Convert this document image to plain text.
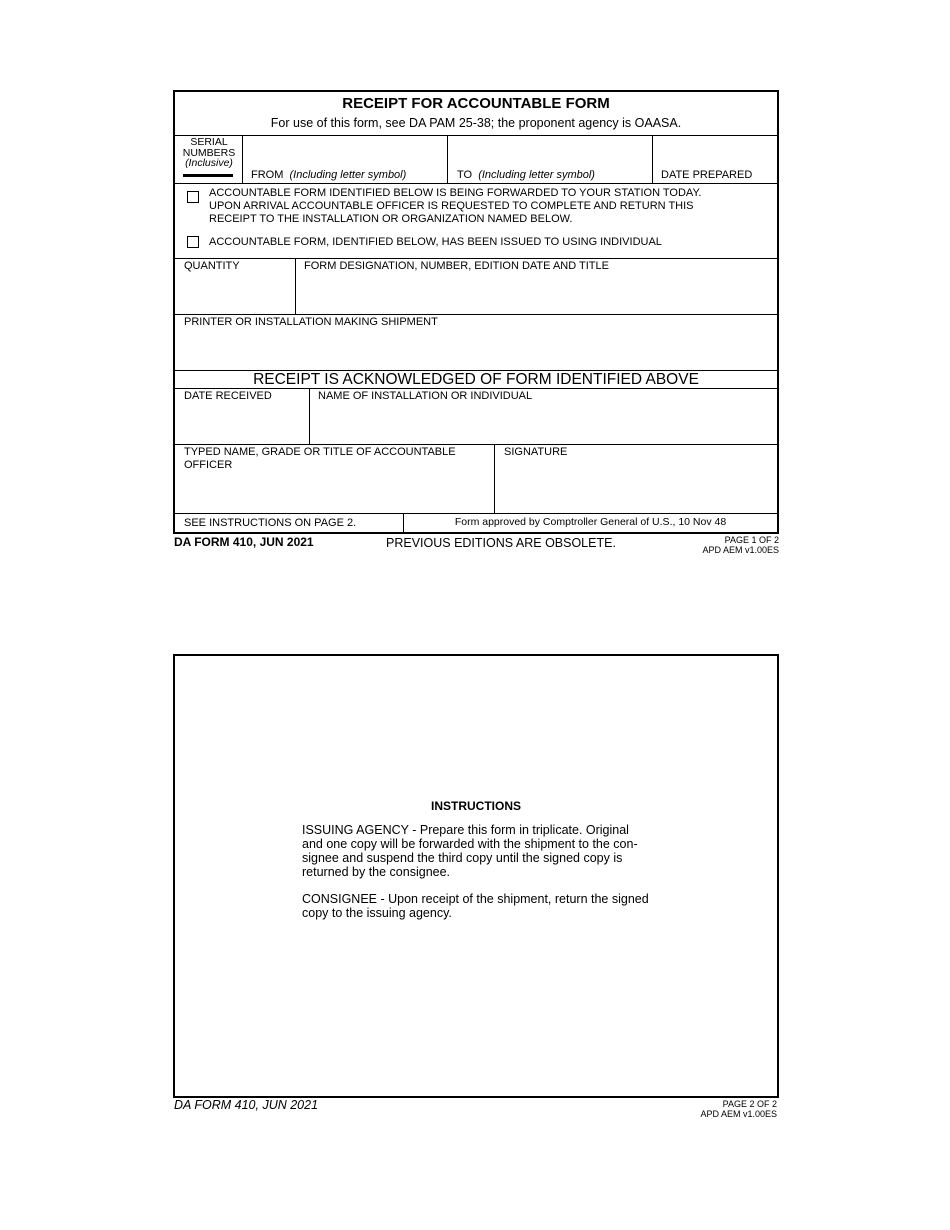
RECEIPT FOR ACCOUNTABLE FORM
For use of this form, see DA PAM 25-38; the proponent agency is OAASA.
SERIAL
NUMBERS
(Inclusive)
FROM (Including letter symbol)	TO (Including letter symbol)	DATE PREPARED
ACCOUNTABLE FORM IDENTIFIED BELOW IS BEING FORWARDED TO YOUR STATION TODAY.
UPON ARRIVAL ACCOUNTABLE OFFICER IS REQUESTED TO COMPLETE AND RETURN THIS
RECEIPT TO THE INSTALLATION OR ORGANIZATION NAMED BELOW.
ACCOUNTABLE FORM, IDENTIFIED BELOW, HAS BEEN ISSUED TO USING INDIVIDUAL
QUANTITY	FORM DESIGNATION, NUMBER, EDITION DATE AND TITLE
PRINTER OR INSTALLATION MAKING SHIPMENT
RECEIPT IS ACKNOWLEDGED OF FORM IDENTIFIED ABOVE
DATE RECEIVED	NAME OF INSTALLATION OR INDIVIDUAL
TYPED NAME, GRADE OR TITLE OF ACCOUNTABLE
OFFICER
SIGNATURE
SEE INSTRUCTIONS ON PAGE 2.	Form approved by Comptroller General of U.S., 10 Nov 48
DA FORM 410, JUN 2021	PREVIOUS EDITIONS ARE OBSOLETE.	PAGE 1 OF 2
APD AEM v1.00ES
INSTRUCTIONS
ISSUING AGENCY - Prepare this form in triplicate. Original
and one copy will be forwarded with the shipment to the con-
signee and suspend the third copy until the signed copy is
returned by the consignee.
CONSIGNEE - Upon receipt of the shipment, return the signed
copy to the issuing agency.
DA FORM 410, JUN 2021	PAGE 2 OF 2
APD AEM v1.00ES
